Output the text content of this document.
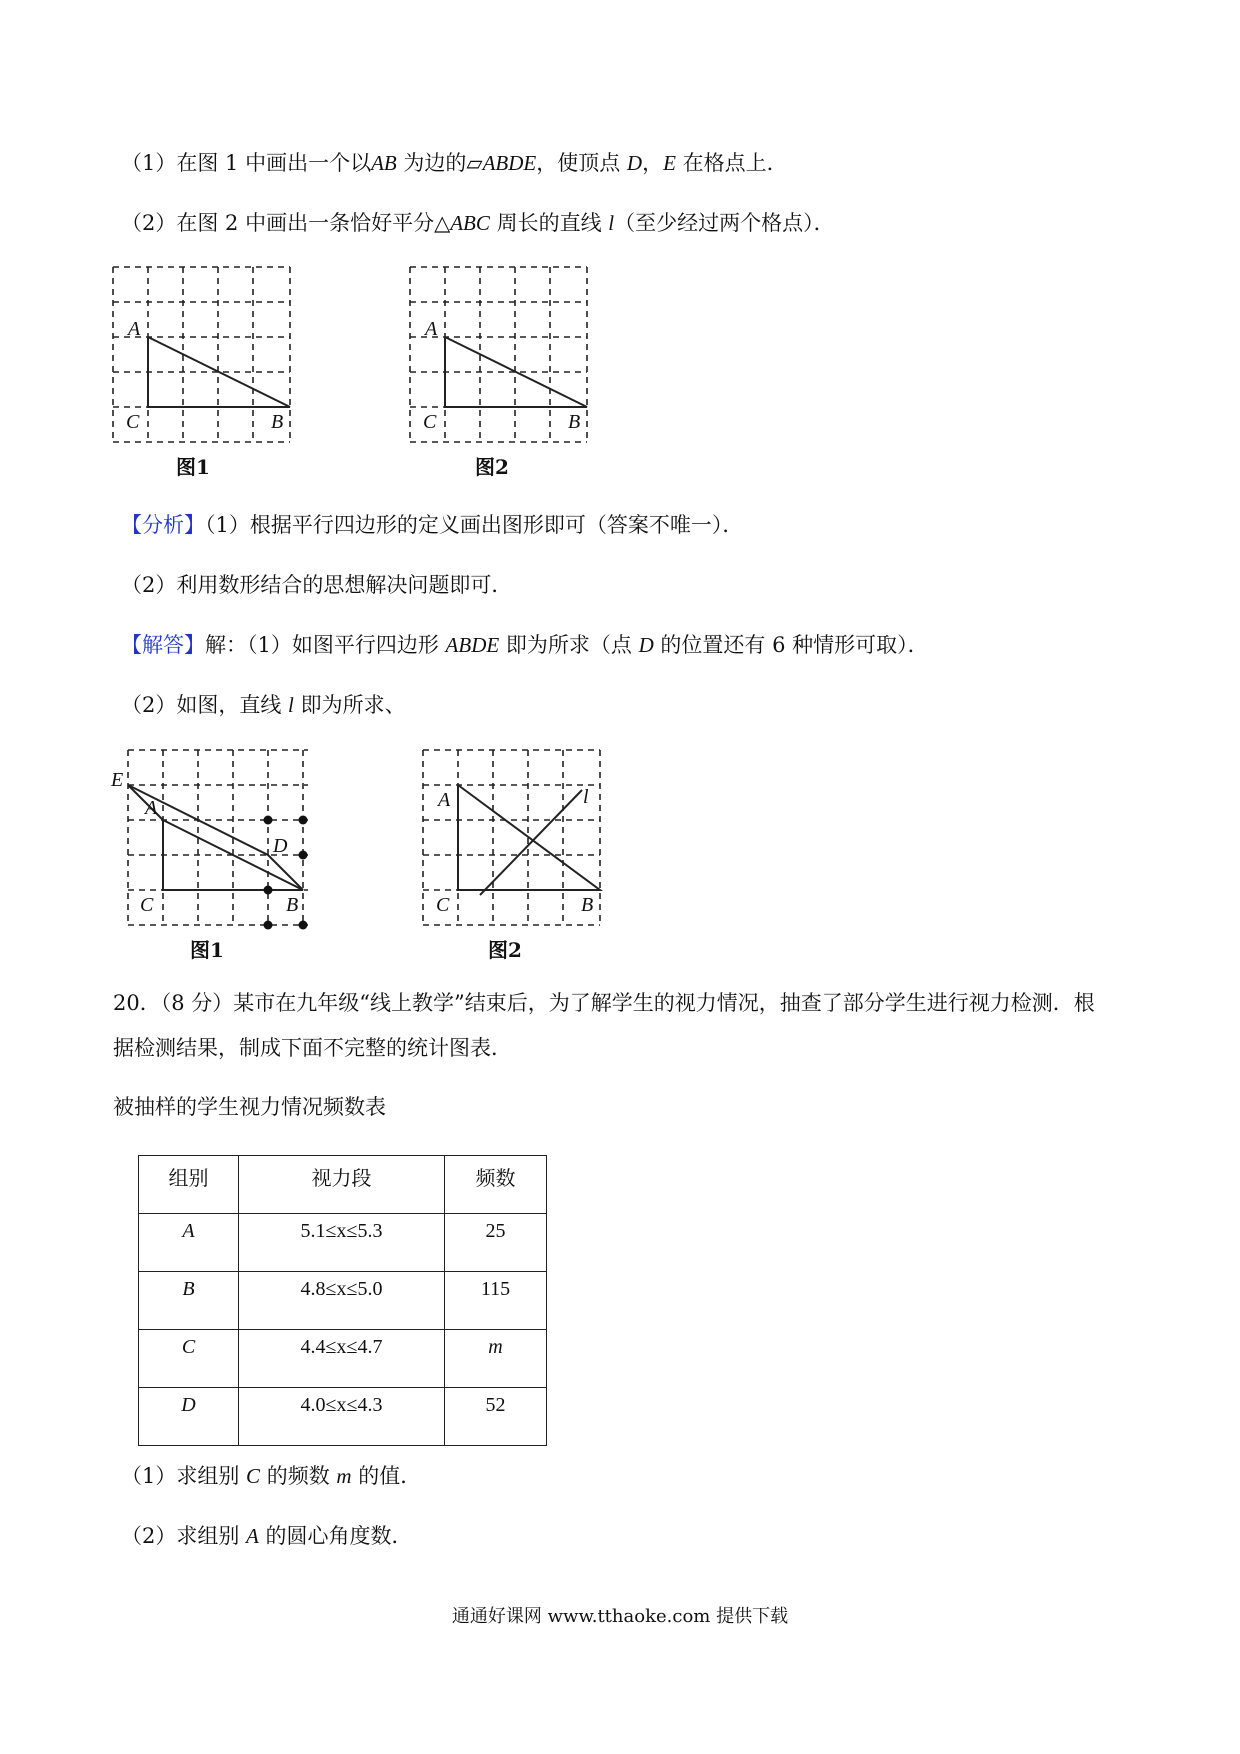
（1）在图 1 中画出一个以AB 为边的▱ABDE，使顶点 D，E 在格点上．
（2）在图 2 中画出一条恰好平分△ABC 周长的直线 l（至少经过两个格点）．
A
C	B
图1
A
C	B
图2
【分析】（1）根据平行四边形的定义画出图形即可（答案不唯一）．
（2）利用数形结合的思想解决问题即可．
【解答】解：（1）如图平行四边形 ABDE 即为所求（点 D 的位置还有 6 种情形可取）．
（2）如图，直线 l 即为所求、
E
A
D
C	B
图1
A	l
C	B
图2
20．（8 分）某市在九年级“线上教学”结束后，为了解学生的视力情况，抽查了部分学生进行视力检测．根
据检测结果，制成下面不完整的统计图表．
被抽样的学生视力情况频数表
组别	视力段	频数
A	5.1≤x≤5.3	25
B	4.8≤x≤5.0	115
C	4.4≤x≤4.7	m
D	4.0≤x≤4.3	52
（1）求组别 C 的频数 m 的值．
（2）求组别 A 的圆心角度数．
通通好课网 www.tthaoke.com 提供下载
